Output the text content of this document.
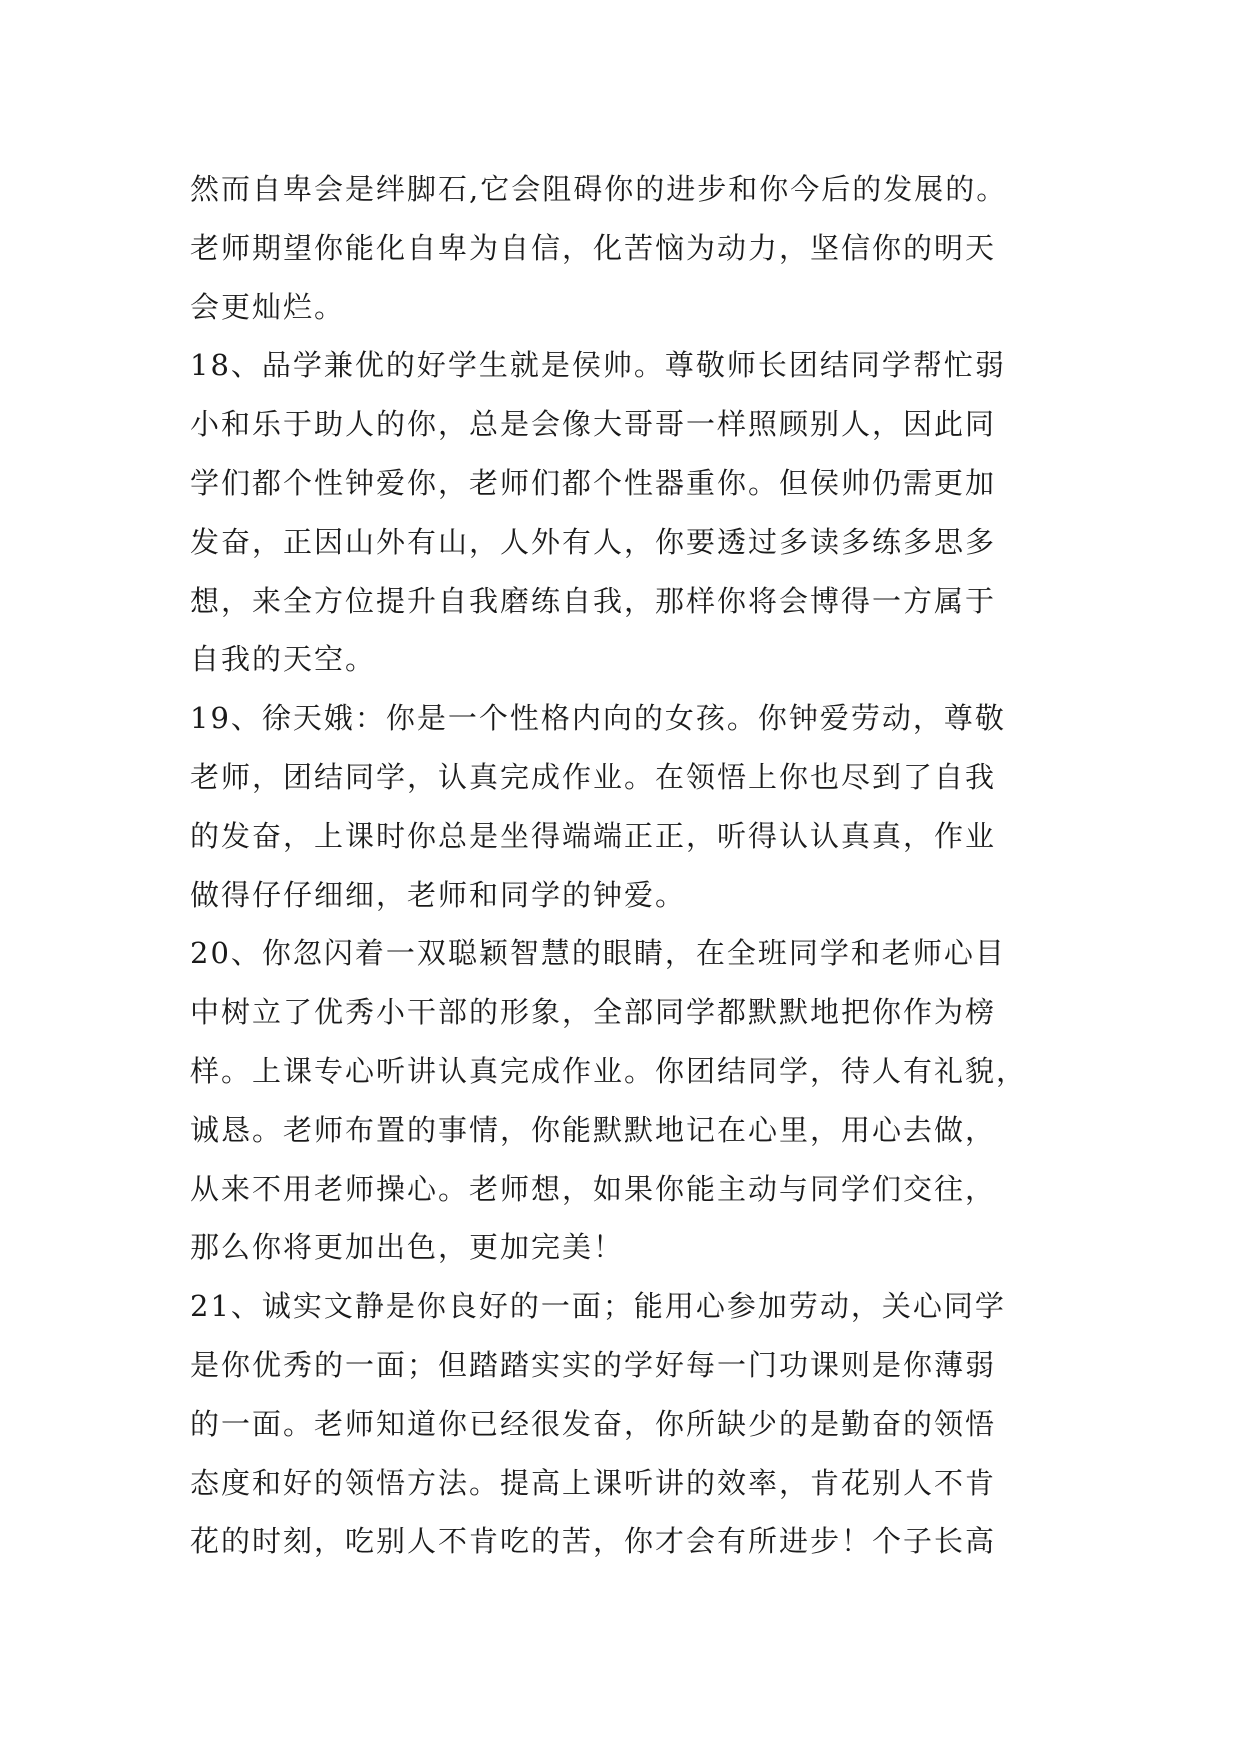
然而自卑会是绊脚石,它会阻碍你的进步和你今后的发展的。
老师期望你能化自卑为自信，化苦恼为动力，坚信你的明天
会更灿烂。
18、品学兼优的好学生就是侯帅。尊敬师长团结同学帮忙弱
小和乐于助人的你，总是会像大哥哥一样照顾别人，因此同
学们都个性钟爱你，老师们都个性器重你。但侯帅仍需更加
发奋，正因山外有山，人外有人，你要透过多读多练多思多
想，来全方位提升自我磨练自我，那样你将会博得一方属于
自我的天空。
19、徐天娥：你是一个性格内向的女孩。你钟爱劳动，尊敬
老师，团结同学，认真完成作业。在领悟上你也尽到了自我
的发奋，上课时你总是坐得端端正正，听得认认真真，作业
做得仔仔细细，老师和同学的钟爱。
20、你忽闪着一双聪颖智慧的眼睛，在全班同学和老师心目
中树立了优秀小干部的形象，全部同学都默默地把你作为榜
样。上课专心听讲认真完成作业。你团结同学，待人有礼貌，
诚恳。老师布置的事情，你能默默地记在心里，用心去做，
从来不用老师操心。老师想，如果你能主动与同学们交往，
那么你将更加出色，更加完美！
21、诚实文静是你良好的一面；能用心参加劳动，关心同学
是你优秀的一面；但踏踏实实的学好每一门功课则是你薄弱
的一面。老师知道你已经很发奋，你所缺少的是勤奋的领悟
态度和好的领悟方法。提高上课听讲的效率，肯花别人不肯
花的时刻，吃别人不肯吃的苦，你才会有所进步！个子长高
